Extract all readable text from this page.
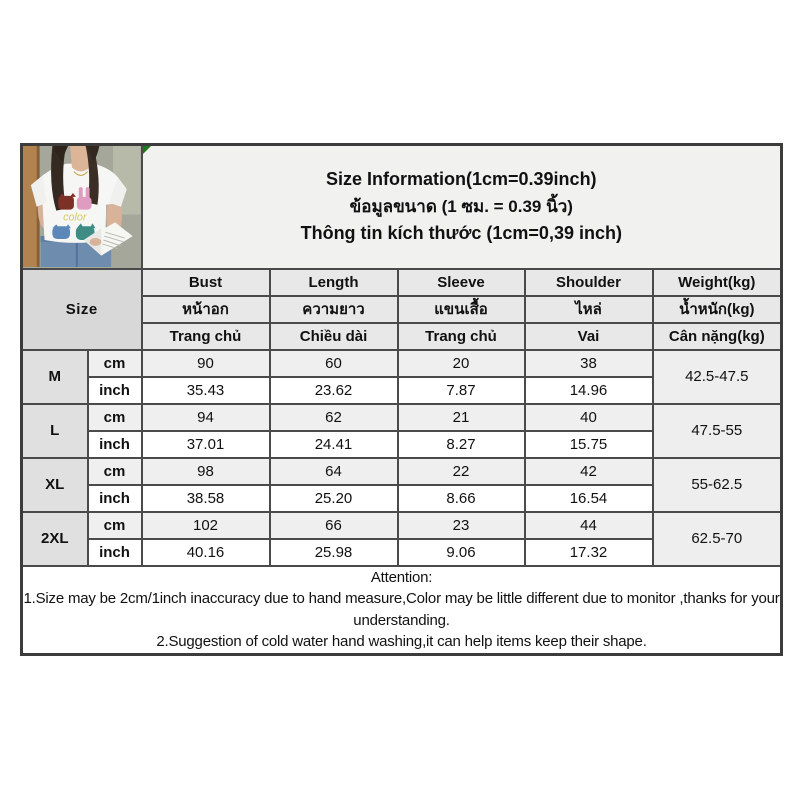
color		Size Information(1cm=0.39inch)
ข้อมูลขนาด (1 ซม. = 0.39 นิ้ว)
Thông tin kích thước (1cm=0,39 inch)				

Size		Bust	Length	Sleeve	Shoulder	Weight(kg)
		หน้าอก	ความยาว	แขนเสื้อ	ไหล่	น้ำหนัก(kg)
		Trang chủ	Chiều dài	Trang chủ	Vai	Cân nặng(kg)
M	cm	90	60	20	38	42.5-47.5
	inch	35.43	23.62	7.87	14.96	
L	cm	94	62	21	40	47.5-55
	inch	37.01	24.41	8.27	15.75	
XL	cm	98	64	22	42	55-62.5
	inch	38.58	25.20	8.66	16.54	
2XL	cm	102	66	23	44	62.5-70
	inch	40.16	25.98	9.06	17.32	

Attention:
1.Size may be 2cm/1inch inaccuracy due to hand measure,Color may be little different due to monitor ,thanks for your understanding.
2.Suggestion of cold water hand washing,it can help items keep their shape.						
